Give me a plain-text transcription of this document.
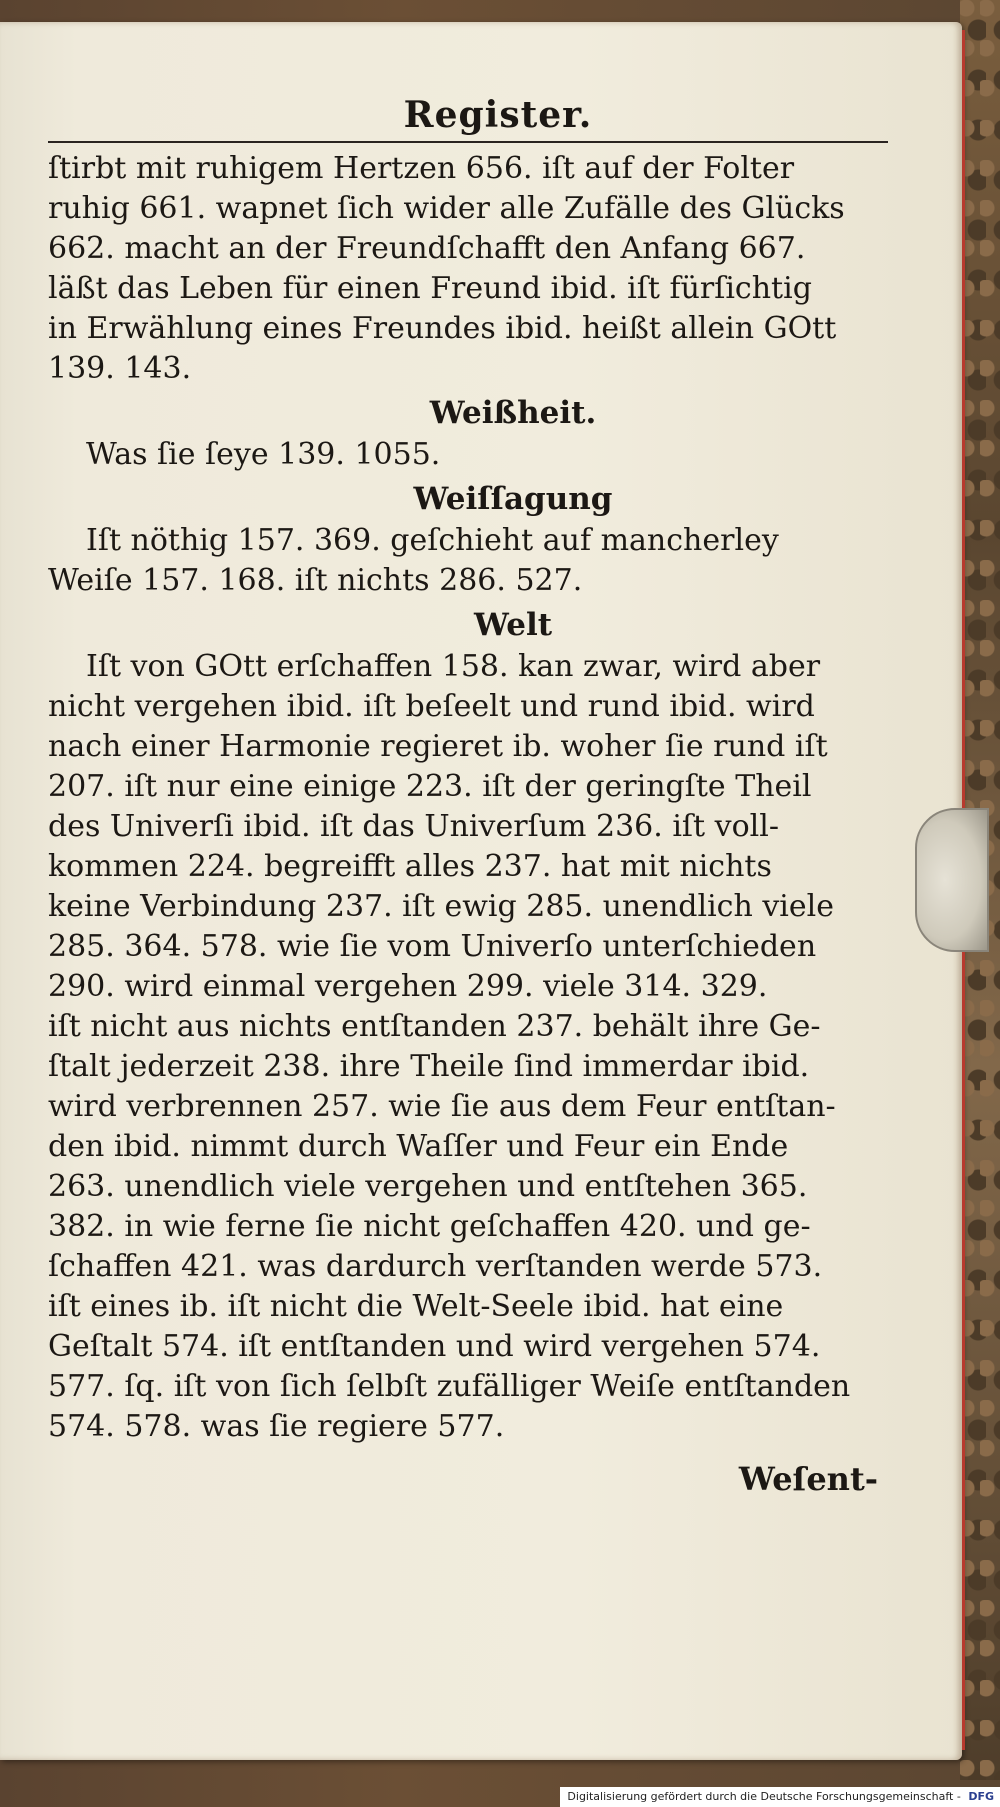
Register.
ſtirbt mit ruhigem Hertzen 656. iſt auf der Folter
ruhig 661. wapnet ſich wider alle Zufälle des Glücks
662. macht an der Freundſchafft den Anfang 667.
läßt das Leben für einen Freund ibid. iſt fürſichtig
in Erwählung eines Freundes ibid. heißt allein GOtt
139. 143.
Weißheit.
Was ſie ſeye 139. 1055.
Weiſſagung
Iſt nöthig 157. 369. geſchieht auf mancherley
Weiſe 157. 168. iſt nichts 286. 527.
Welt
Iſt von GOtt erſchaffen 158. kan zwar, wird aber
nicht vergehen ibid. iſt beſeelt und rund ibid. wird
nach einer Harmonie regieret ib. woher ſie rund iſt
207. iſt nur eine einige 223. iſt der geringſte Theil
des Univerſi ibid. iſt das Univerſum 236. iſt voll-
kommen 224. begreifft alles 237. hat mit nichts
keine Verbindung 237. iſt ewig 285. unendlich viele
285. 364. 578. wie ſie vom Univerſo unterſchieden
290. wird einmal vergehen 299. viele 314. 329.
iſt nicht aus nichts entſtanden 237. behält ihre Ge-
ſtalt jederzeit 238. ihre Theile ſind immerdar ibid.
wird verbrennen 257. wie ſie aus dem Feur entſtan-
den ibid. nimmt durch Waſſer und Feur ein Ende
263. unendlich viele vergehen und entſtehen 365.
382. in wie ferne ſie nicht geſchaffen 420. und ge-
ſchaffen 421. was dardurch verſtanden werde 573.
iſt eines ib. iſt nicht die Welt-Seele ibid. hat eine
Geſtalt 574. iſt entſtanden und wird vergehen 574.
577. ſq. iſt von ſich ſelbſt zufälliger Weiſe entſtanden
574. 578. was ſie regiere 577.
Weſent-
Digitalisierung gefördert durch die Deutsche Forschungsgemeinschaft - DFG
